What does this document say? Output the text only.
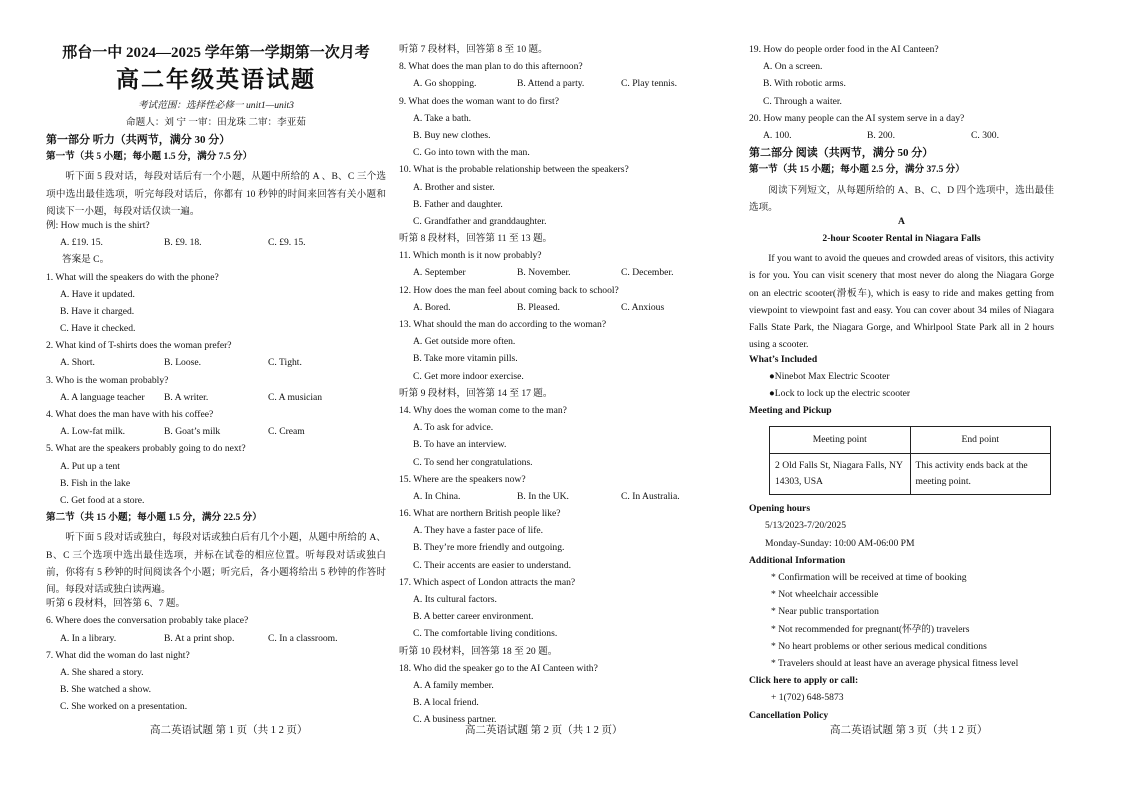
邢台一中 2024—2025 学年第一学期第一次月考
高二年级英语试题
考试范围：选择性必修一 unit1—unit3
命题人：刘 宁 一审：田龙珠 二审：李亚茹
第一部分 听力（共两节，满分 30 分）
第一节（共 5 小题；每小题 1.5 分，满分 7.5 分）
听下面 5 段对话，每段对话后有一个小题，从题中所给的 A 、B、C 三个选项中选出最佳选项，听完每段对话后，你都有 10 秒钟的时间来回答有关小题和阅读下一小题，每段对话仅读一遍。
例: How much is the shirt?
A. £19. 15.	B. £9. 18.	C. £9. 15.
答案是 C。
1. What will the speakers do with the phone?
A. Have it updated.
B. Have it charged.
C. Have it checked.
2. What kind of T-shirts does the woman prefer?
A. Short.	B. Loose.	C. Tight.
3. Who is the woman probably?
A. A language teacher	B. A writer.	C. A musician
4. What does the man have with his coffee?
A. Low-fat milk.	B. Goat’s milk	C. Cream
5. What are the speakers probably going to do next?
A. Put up a tent
B. Fish in the lake
C. Get food at a store.
第二节（共 15 小题；每小题 1.5 分，满分 22.5 分）
听下面 5 段对话或独白，每段对话或独白后有几个小题，从题中所给的 A、B、C 三个选项中选出最佳选项，并标在试卷的相应位置。听每段对话或独白前，你将有 5 秒钟的时间阅读各个小题；听完后，各小题将给出 5 秒钟的作答时间。每段对话或独白读两遍。
听第 6 段材料，回答第 6、7 题。
6. Where does the conversation probably take place?
A. In a library.	B. At a print shop.	C. In a classroom.
7. What did the woman do last night?
A. She shared a story.
B. She watched a show.
C. She worked on a presentation.
听第 7 段材料，回答第 8 至 10 题。
8. What does the man plan to do this afternoon?
A. Go shopping.	B. Attend a party.	C. Play tennis.
9. What does the woman want to do first?
A. Take a bath.
B. Buy new clothes.
C. Go into town with the man.
10. What is the probable relationship between the speakers?
A. Brother and sister.
B. Father and daughter.
C. Grandfather and granddaughter.
听第 8 段材料，回答第 11 至 13 题。
11. Which month is it now probably?
A. September	B. November.	C. December.
12. How does the man feel about coming back to school?
A. Bored.	B. Pleased.	C. Anxious
13. What should the man do according to the woman?
A. Get outside more often.
B. Take more vitamin pills.
C. Get more indoor exercise.
听第 9 段材料，回答第 14 至 17 题。
14. Why does the woman come to the man?
A. To ask for advice.
B. To have an interview.
C. To send her congratulations.
15. Where are the speakers now?
A. In China.	B. In the UK.	C. In Australia.
16. What are northern British people like?
A. They have a faster pace of life.
B. They’re more friendly and outgoing.
C. Their accents are easier to understand.
17. Which aspect of London attracts the man?
A. Its cultural factors.
B. A better career environment.
C. The comfortable living conditions.
听第 10 段材料，回答第 18 至 20 题。
18. Who did the speaker go to the AI Canteen with?
A. A family member.
B. A local friend.
C. A business partner.
19. How do people order food in the AI Canteen?
A. On a screen.
B. With robotic arms.
C. Through a waiter.
20. How many people can the AI system serve in a day?
A. 100.	B. 200.	C. 300.
第二部分 阅读（共两节，满分 50 分）
第一节（共 15 小题；每小题 2.5 分，满分 37.5 分）
阅读下列短文，从每题所给的 A、B、C、D 四个选项中，选出最佳选项。
A
2-hour Scooter Rental in Niagara Falls
If you want to avoid the queues and crowded areas of visitors, this activity is for you. You can visit scenery that most never do along the Niagara Gorge on an electric scooter(滑板车), which is easy to ride and makes getting from viewpoint to viewpoint fast and easy. You can cover about 34 miles of Niagara Falls State Park, the Niagara Gorge, and Whirlpool State Park all in 2 hours using a scooter.
What’s Included
●Ninebot Max Electric Scooter
●Lock to lock up the electric scooter
Meeting and Pickup
Meeting point	End point
2 Old Falls St, Niagara Falls, NY 14303, USA	This activity ends back at the meeting point.
Opening hours
5/13/2023-7/20/2025
Monday-Sunday: 10:00 AM-06:00 PM
Additional Information
* Confirmation will be received at time of booking
* Not wheelchair accessible
* Near public transportation
* Not recommended for pregnant(怀孕的) travelers
* No heart problems or other serious medical conditions
* Travelers should at least have an average physical fitness level
Click here to apply or call:
+ 1(702) 648-5873
Cancellation Policy
高二英语试题 第 1 页（共 1 2 页）	高二英语试题 第 2 页（共 1 2 页）	高二英语试题 第 3 页（共 1 2 页）
